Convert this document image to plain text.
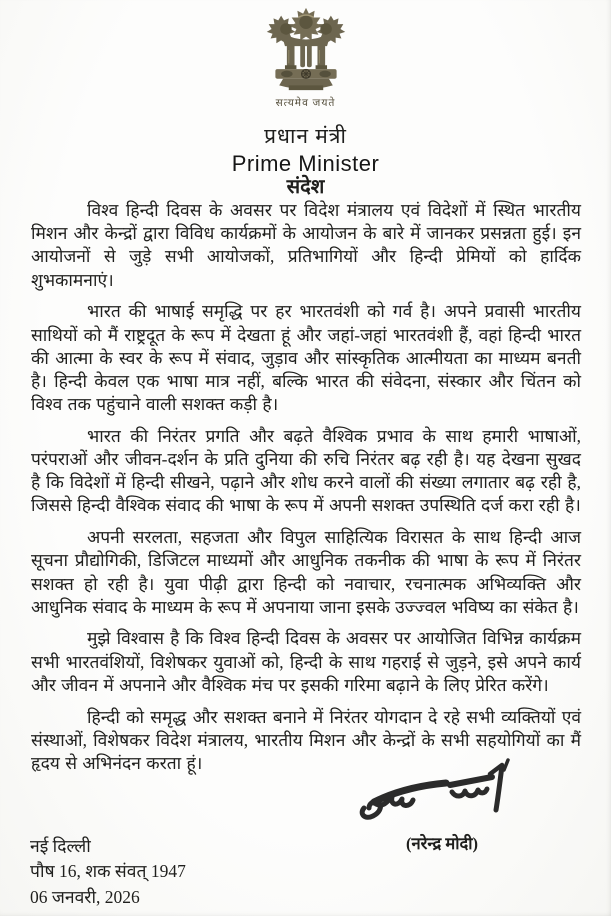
सत्यमेव जयते
प्रधान मंत्री
Prime Minister
संदेश

विश्व हिन्दी दिवस के अवसर पर विदेश मंत्रालय एवं विदेशों में स्थित भारतीय मिशन और केन्द्रों द्वारा विविध कार्यक्रमों के आयोजन के बारे में जानकर प्रसन्नता हुई। इन आयोजनों से जुड़े सभी आयोजकों, प्रतिभागियों और हिन्दी प्रेमियों को हार्दिक शुभकामनाएं।

भारत की भाषाई समृद्धि पर हर भारतवंशी को गर्व है। अपने प्रवासी भारतीय साथियों को मैं राष्ट्रदूत के रूप में देखता हूं और जहां-जहां भारतवंशी हैं, वहां हिन्दी भारत की आत्मा के स्वर के रूप में संवाद, जुड़ाव और सांस्कृतिक आत्मीयता का माध्यम बनती है। हिन्दी केवल एक भाषा मात्र नहीं, बल्कि भारत की संवेदना, संस्कार और चिंतन को विश्व तक पहुंचाने वाली सशक्त कड़ी है।

भारत की निरंतर प्रगति और बढ़ते वैश्विक प्रभाव के साथ हमारी भाषाओं, परंपराओं और जीवन-दर्शन के प्रति दुनिया की रुचि निरंतर बढ़ रही है। यह देखना सुखद है कि विदेशों में हिन्दी सीखने, पढ़ाने और शोध करने वालों की संख्या लगातार बढ़ रही है, जिससे हिन्दी वैश्विक संवाद की भाषा के रूप में अपनी सशक्त उपस्थिति दर्ज करा रही है।

अपनी सरलता, सहजता और विपुल साहित्यिक विरासत के साथ हिन्दी आज सूचना प्रौद्योगिकी, डिजिटल माध्यमों और आधुनिक तकनीक की भाषा के रूप में निरंतर सशक्त हो रही है। युवा पीढ़ी द्वारा हिन्दी को नवाचार, रचनात्मक अभिव्यक्ति और आधुनिक संवाद के माध्यम के रूप में अपनाया जाना इसके उज्ज्वल भविष्य का संकेत है।

मुझे विश्वास है कि विश्व हिन्दी दिवस के अवसर पर आयोजित विभिन्न कार्यक्रम सभी भारतवंशियों, विशेषकर युवाओं को, हिन्दी के साथ गहराई से जुड़ने, इसे अपने कार्य और जीवन में अपनाने और वैश्विक मंच पर इसकी गरिमा बढ़ाने के लिए प्रेरित करेंगे।

हिन्दी को समृद्ध और सशक्त बनाने में निरंतर योगदान दे रहे सभी व्यक्तियों एवं संस्थाओं, विशेषकर विदेश मंत्रालय, भारतीय मिशन और केन्द्रों के सभी सहयोगियों का मैं हृदय से अभिनंदन करता हूं।

(नरेन्द्र मोदी)
नई दिल्ली
पौष 16, शक संवत् 1947
06 जनवरी, 2026
